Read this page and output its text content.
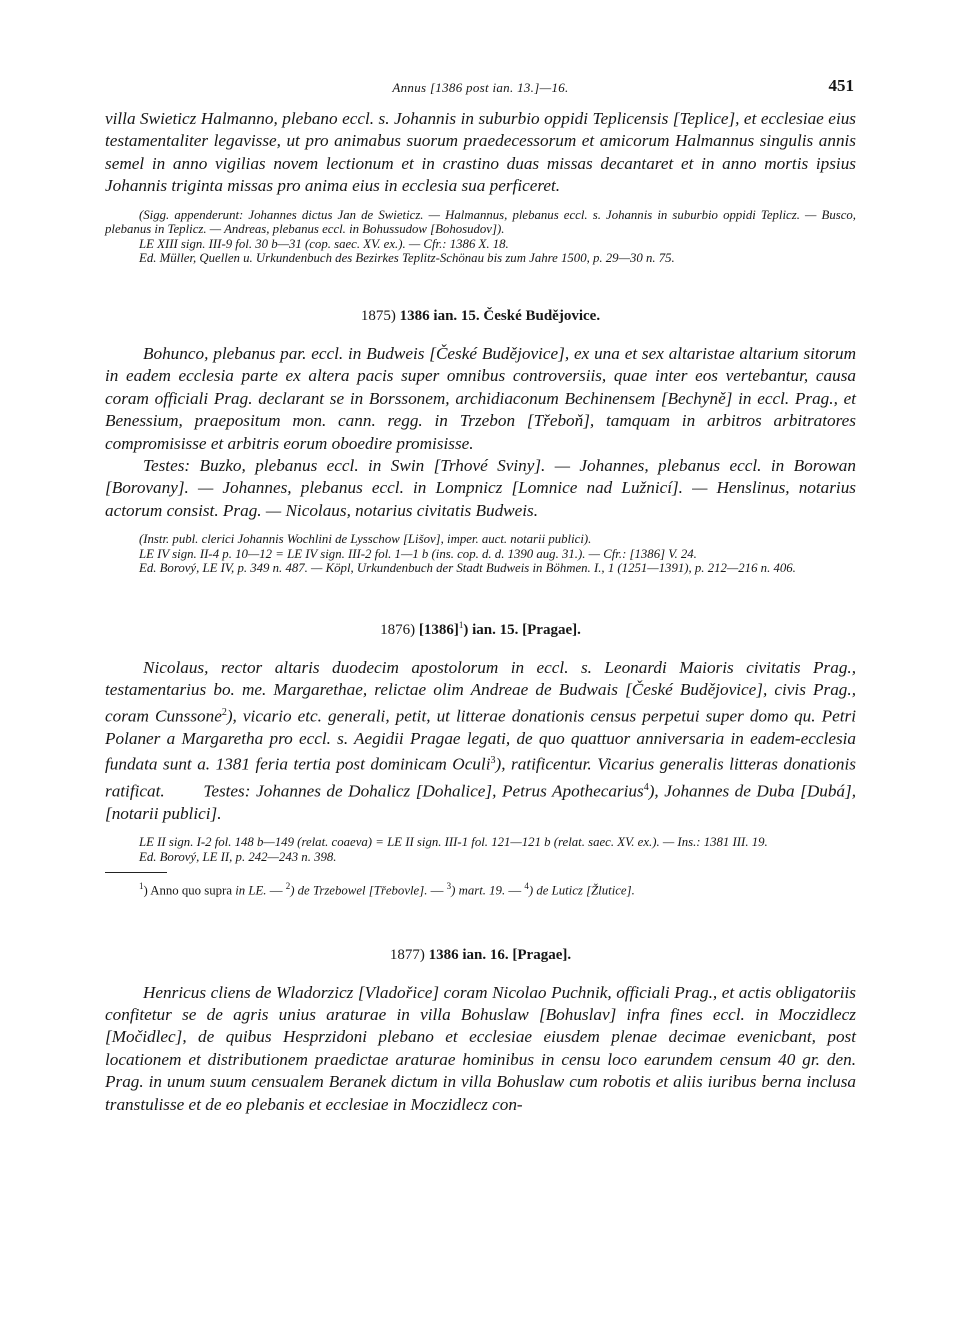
Annus [1386 post ian. 13.]—16.	451

villa Swieticz Halmanno, plebano eccl. s. Johannis in suburbio oppidi Teplicensis [Teplice], et ecclesiae eius testamentaliter legavisse, ut pro animabus suorum praedecessorum et amicorum Halmannus singulis annis semel in anno vigilias novem lectionum et in crastino duas missas decantaret et in anno mortis ipsius Johannis triginta missas pro anima eius in ecclesia sua perficeret.

(Sigg. appenderunt: Johannes dictus Jan de Swieticz. — Halmannus, plebanus eccl. s. Johannis in suburbio oppidi Teplicz. — Busco, plebanus in Teplicz. — Andreas, plebanus eccl. in Bohussudow [Bohosudov]).

LE XIII sign. III-9 fol. 30 b—31 (cop. saec. XV. ex.). — Cfr.: 1386 X. 18.

Ed. Müller, Quellen u. Urkundenbuch des Bezirkes Teplitz-Schönau bis zum Jahre 1500, p. 29—30 n. 75.

1875) 1386 ian. 15. České Budějovice.

Bohunco, plebanus par. eccl. in Budweis [České Budějovice], ex una et sex altaristae altarium sitorum in eadem ecclesia parte ex altera pacis super omnibus controversiis, quae inter eos vertebantur, causa coram officiali Prag. declarant se in Borssonem, archidiaconum Bechinensem [Bechyně] in eccl. Prag., et Benessium, praepositum mon. cann. regg. in Trzebon [Třeboň], tamquam in arbitros arbitratores compromisisse et arbitris eorum oboedire promisisse.

Testes: Buzko, plebanus eccl. in Swin [Trhové Sviny]. — Johannes, plebanus eccl. in Borowan [Borovany]. — Johannes, plebanus eccl. in Lompnicz [Lomnice nad Lužnicí]. — Henslinus, notarius actorum consist. Prag. — Nicolaus, notarius civitatis Budweis.

(Instr. publ. clerici Johannis Wochlini de Lysschow [Lišov], imper. auct. notarii publici).

LE IV sign. II-4 p. 10—12 = LE IV sign. III-2 fol. 1—1 b (ins. cop. d. d. 1390 aug. 31.). — Cfr.: [1386] V. 24.

Ed. Borový, LE IV, p. 349 n. 487. — Köpl, Urkundenbuch der Stadt Budweis in Böhmen. I., 1 (1251—1391), p. 212—216 n. 406.

1876) $[1386]^1$) ian. 15. [Pragae].

Nicolaus, rector altaris duodecim apostolorum in eccl. s. Leonardi Maioris civitatis Prag., testamentarius bo. me. Margarethae, relictae olim Andreae de Budwais [České Budějovice], civis Prag., coram Cunssone$^2$), vicario etc. generali, petit, ut litterae donationis census perpetui super domo qu. Petri Polaner a Margaretha pro eccl. s. Aegidii Pragae legati, de quo quattuor anniversaria in eadem-ecclesia fundata sunt a. 1381 feria tertia post dominicam Oculi$^3$), ratificentur. Vicarius generalis litteras donationis ratificat. Testes: Johannes de Dohalicz [Dohalice], Petrus Apothecarius$^4$), Johannes de Duba [Dubá], [notarii publici].

LE II sign. I-2 fol. 148 b—149 (relat. coaeva) = LE II sign. III-1 fol. 121—121 b (relat. saec. XV. ex.). — Ins.: 1381 III. 19.

Ed. Borový, LE II, p. 242—243 n. 398.

$^1$) Anno quo supra in LE. — $^2$) de Trzebowel [Třebovle]. — $^3$) mart. 19. — $^4$) de Luticz [Žlutice].

1877) 1386 ian. 16. [Pragae].

Henricus cliens de Wladorzicz [Vladořice] coram Nicolao Puchnik, officiali Prag., et actis obligatoriis confitetur se de agris unius araturae in villa Bohuslaw [Bohuslav] infra fines eccl. in Moczidlecz [Močidlec], de quibus Hesprzidoni plebano et ecclesiae eiusdem plenae decimae evenicbant, post locationem et distributionem praedictae araturae hominibus in censu loco earundem censum 40 gr. den. Prag. in unum suum censualem Beranek dictum in villa Bohuslaw cum robotis et aliis iuribus berna inclusa transtulisse et de eo plebanis et ecclesiae in Moczidlecz con-
